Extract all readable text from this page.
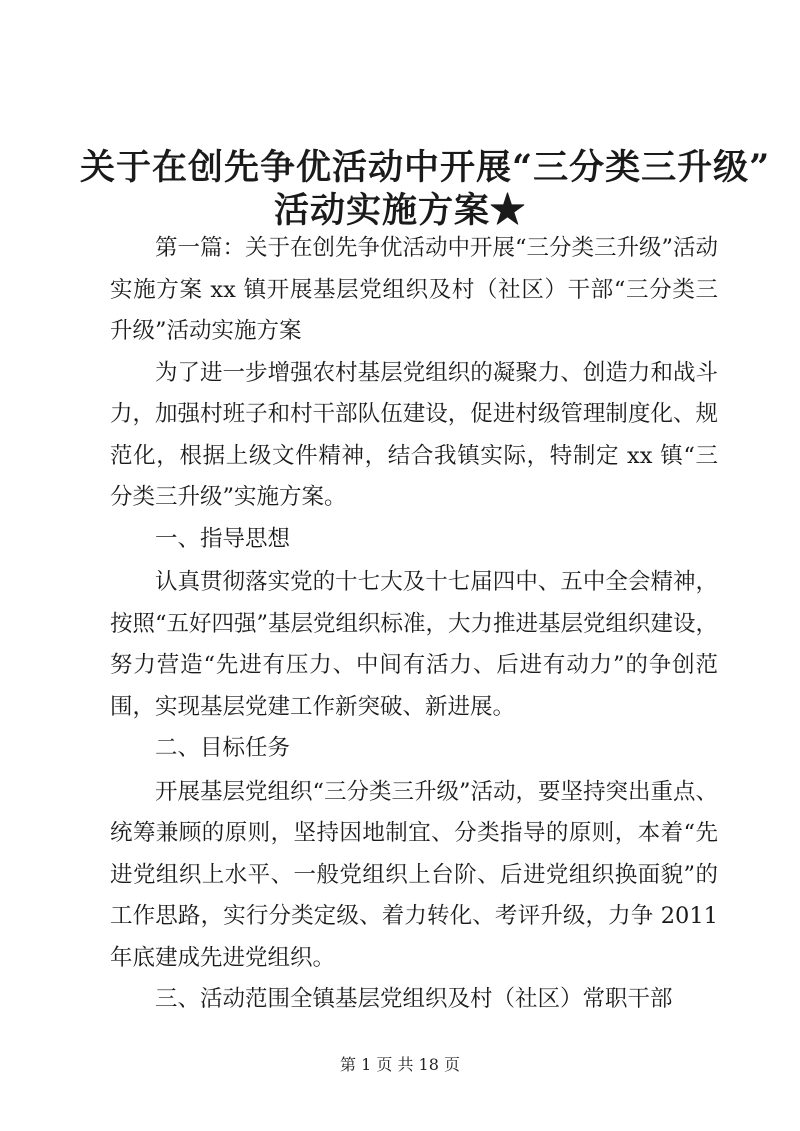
关于在创先争优活动中开展“三分类三升级”
活动实施方案★

第一篇：关于在创先争优活动中开展“三分类三升级”活动实施方案 xx 镇开展基层党组织及村（社区）干部“三分类三升级”活动实施方案

为了进一步增强农村基层党组织的凝聚力、创造力和战斗力，加强村班子和村干部队伍建设，促进村级管理制度化、规范化，根据上级文件精神，结合我镇实际，特制定 xx 镇“三分类三升级”实施方案。

一、指导思想

认真贯彻落实党的十七大及十七届四中、五中全会精神，按照“五好四强”基层党组织标准，大力推进基层党组织建设，努力营造“先进有压力、中间有活力、后进有动力”的争创范围，实现基层党建工作新突破、新进展。

二、目标任务

开展基层党组织“三分类三升级”活动，要坚持突出重点、统筹兼顾的原则，坚持因地制宜、分类指导的原则，本着“先进党组织上水平、一般党组织上台阶、后进党组织换面貌”的工作思路，实行分类定级、着力转化、考评升级，力争 2011 年底建成先进党组织。

三、活动范围全镇基层党组织及村（社区）常职干部

第 1 页 共 18 页
